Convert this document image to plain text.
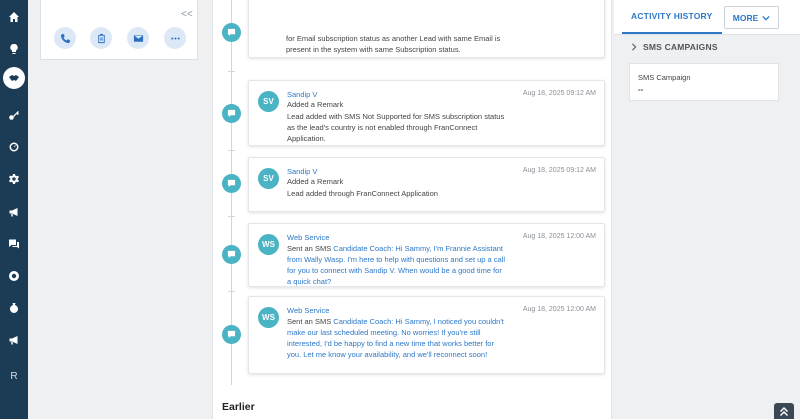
R
<<
for Email subscription status as another Lead with same Email is present in the system with same Subscription status.
SV
Sandip V	Aug 18, 2025 09:12 AM
Added a Remark
Lead added with SMS Not Supported for SMS subscription status as the lead's country is not enabled through FranConnect Application.
SV
Sandip V	Aug 18, 2025 09:12 AM
Added a Remark
Lead added through FranConnect Application
WS
Web Service	Aug 18, 2025 12:00 AM
Sent an SMS Candidate Coach: Hi Sammy, I'm Frannie Assistant from Wally Wasp. I'm here to help with questions and set up a call for you to connect with Sandip V. When would be a good time for a quick chat?
WS
Web Service	Aug 18, 2025 12:00 AM
Sent an SMS Candidate Coach: Hi Sammy, I noticed you couldn't make our last scheduled meeting. No worries! If you're still interested, I'd be happy to find a new time that works better for you. Let me know your availability, and we'll reconnect soon!
Earlier
ACTIVITY HISTORY MORE
SMS CAMPAIGNS
SMS Campaign
--
